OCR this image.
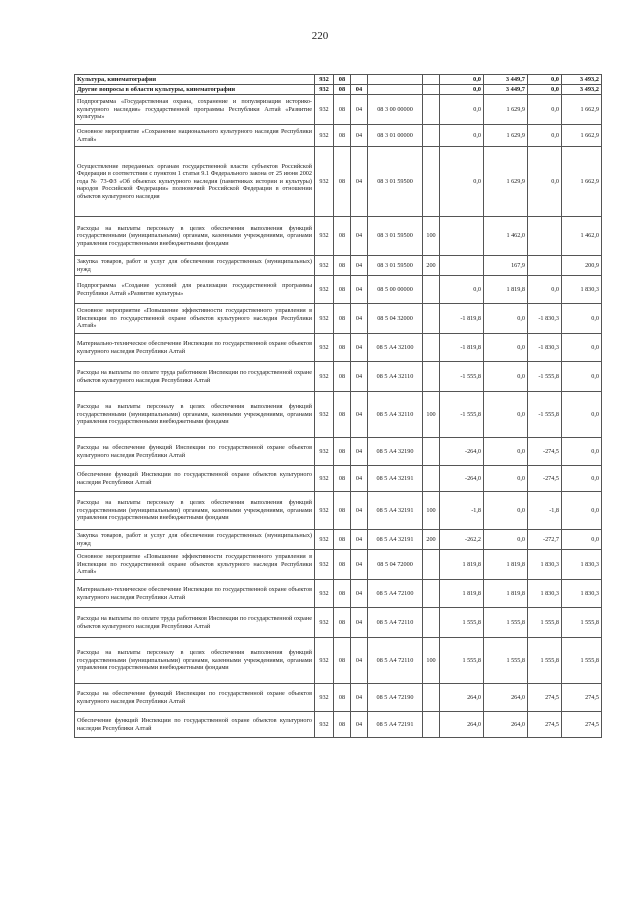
220
Культура, кинематография	932	08				0,0	3 449,7	0,0	3 493,2
Другие вопросы в области культуры, кинематографии	932	08	04			0,0	3 449,7	0,0	3 493,2
Подпрограмма «Государственная охрана, сохранение и популяризация историко-культурного наследия» государственной программы Республики Алтай «Развитие культуры»	932	08	04	08 3 00 00000		0,0	1 629,9	0,0	1 662,9
Основное мероприятие «Сохранение национального культурного наследия Республики Алтай»	932	08	04	08 3 01 00000		0,0	1 629,9	0,0	1 662,9
Осуществление переданных органам государственной власти субъектов Российской Федерации в соответствии с пунктом 1 статьи 9.1 Федерального закона от 25 июня 2002 года № 73-ФЗ «Об объектах культурного наследия (памятниках истории и культуры) народов Российской Федерации» полномочий Российской Федерации в отношении объектов культурного наследия	932	08	04	08 3 01 59500		0,0	1 629,9	0,0	1 662,9
Расходы на выплаты персоналу в целях обеспечения выполнения функций государственными (муниципальными) органами, казенными учреждениями, органами управления государственными внебюджетными фондами	932	08	04	08 3 01 59500	100		1 462,0		1 462,0
Закупка товаров, работ и услуг для обеспечения государственных (муниципальных) нужд	932	08	04	08 3 01 59500	200		167,9		200,9
Подпрограмма «Создание условий для реализации государственной программы Республики Алтай «Развитие культуры»	932	08	04	08 5 00 00000		0,0	1 819,8	0,0	1 830,3
Основное мероприятие «Повышение эффективности государственного управления в Инспекции по государственной охране объектов культурного наследия Республики Алтай»	932	08	04	08 5 04 32000		-1 819,8	0,0	-1 830,3	0,0
Материально-техническое обеспечение Инспекции по государственной охране объектов культурного наследия Республики Алтай	932	08	04	08 5 А4 32100		-1 819,8	0,0	-1 830,3	0,0
Расходы на выплаты по оплате труда работников Инспекции по государственной охране объектов культурного наследия Республики Алтай	932	08	04	08 5 А4 32110		-1 555,8	0,0	-1 555,8	0,0
Расходы на выплаты персоналу в целях обеспечения выполнения функций государственными (муниципальными) органами, казенными учреждениями, органами управления государственными внебюджетными фондами	932	08	04	08 5 А4 32110	100	-1 555,8	0,0	-1 555,8	0,0
Расходы на обеспечение функций Инспекции по государственной охране объектов культурного наследия Республики Алтай	932	08	04	08 5 А4 32190		-264,0	0,0	-274,5	0,0
Обеспечение функций Инспекции по государственной охране объектов культурного наследия Республики Алтай	932	08	04	08 5 А4 32191		-264,0	0,0	-274,5	0,0
Расходы на выплаты персоналу в целях обеспечения выполнения функций государственными (муниципальными) органами, казенными учреждениями, органами управления государственными внебюджетными фондами	932	08	04	08 5 А4 32191	100	-1,8	0,0	-1,8	0,0
Закупка товаров, работ и услуг для обеспечения государственных (муниципальных) нужд	932	08	04	08 5 А4 32191	200	-262,2	0,0	-272,7	0,0
Основное мероприятие «Повышение эффективности государственного управления в Инспекции по государственной охране объектов культурного наследия Республики Алтай»	932	08	04	08 5 04 72000		1 819,8	1 819,8	1 830,3	1 830,3
Материально-техническое обеспечение Инспекции по государственной охране объектов культурного наследия Республики Алтай	932	08	04	08 5 А4 72100		1 819,8	1 819,8	1 830,3	1 830,3
Расходы на выплаты по оплате труда работников Инспекции по государственной охране объектов культурного наследия Республики Алтай	932	08	04	08 5 А4 72110		1 555,8	1 555,8	1 555,8	1 555,8
Расходы на выплаты персоналу в целях обеспечения выполнения функций государственными (муниципальными) органами, казенными учреждениями, органами управления государственными внебюджетными фондами	932	08	04	08 5 А4 72110	100	1 555,8	1 555,8	1 555,8	1 555,8
Расходы на обеспечение функций Инспекции по государственной охране объектов культурного наследия Республики Алтай	932	08	04	08 5 А4 72190		264,0	264,0	274,5	274,5
Обеспечение функций Инспекции по государственной охране объектов культурного наследия Республики Алтай	932	08	04	08 5 А4 72191		264,0	264,0	274,5	274,5
